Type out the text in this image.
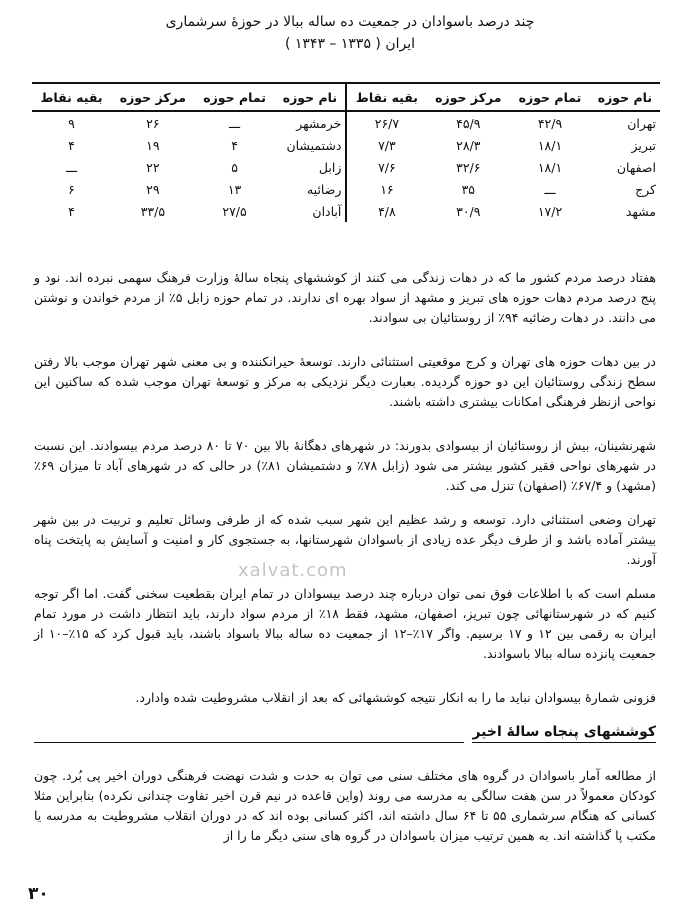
چند درصد باسوادان در جمعیت ده ساله ببالا در حوزه‌ٔ سرشماری
ایران ( ۱۳۳۵ – ۱۳۴۳ )
نام حوزه	تمام حوزه	مرکز حوزه	بقیه نقاط	نام حوزه	تمام حوزه	مرکز حوزه	بقیه نقاط
تهران	۴۲/۹	۴۵/۹	۲۶/۷	خرمشهر	ـــ	۲۶	۹
تبریز	۱۸/۱	۲۸/۳	۷/۳	دشتمیشان	۴	۱۹	۴
اصفهان	۱۸/۱	۳۲/۶	۷/۶	زابل	۵	۲۲	ـــ
کرج	ـــ	۳۵	۱۶	رضائیه	۱۳	۲۹	۶
مشهد	۱۷/۲	۳۰/۹	۴/۸	آبادان	۲۷/۵	۳۳/۵	۴
هفتاد درصد مردم کشور ما که در دهات زندگی می کنند از کوششهای پنجاه ساله‌ٔ وزارت فرهنگ سهمی نبرده اند. نود و پنج درصد مردم دهات حوزه های تبریز و مشهد از سواد بهره ای ندارند. در تمام حوزه زابل ۵٪ از مردم خواندن و نوشتن می دانند. در دهات رضائیه ۹۴٪ از روستائیان بی سوادند.
در بین دهات حوزه های تهران و کرج موقعیتی استثنائی دارند. توسعه‌ٔ حیرانکننده و بی معنی شهر تهران موجب بالا رفتن سطح زندگی روستائیان این دو حوزه گردیده. بعبارت دیگر نزدیکی به مرکز و توسعه‌ٔ تهران موجب شده که ساکنین این نواحی ازنظر فرهنگی امکانات بیشتری داشته باشند.
شهرنشینان، بیش از روستائیان از بیسوادی بدورند: در شهرهای دهگانه‌ٔ بالا بین ۷۰ تا ۸۰ درصد مردم بیسوادند. این نسبت در شهرهای نواحی فقیر کشور بیشتر می شود (زابل ۷۸٪ و دشتمیشان ۸۱٪) در حالی که در شهرهای آباد تا میزان ۶۹٪ (مشهد) و ۶۷/۴٪ (اصفهان) تنزل می کند.
تهران وضعی استثنائی دارد. توسعه و رشد عظیم این شهر سبب شده که از طرفی وسائل تعلیم و تربیت در بین شهر بیشتر آماده باشد و از طرف دیگر عده زیادی از باسوادان شهرستانها، به جستجوی کار و امنیت و آسایش به پایتخت پناه آورند.
مسلم است که با اطلاعات فوق نمی توان درباره چند درصد بیسوادان در تمام ایران بقطعیت سخنی گفت. اما اگر توجه کنیم که در شهرستانهائی چون تبریز، اصفهان، مشهد، فقط ۱۸٪ از مردم سواد دارند، باید انتظار داشت در مورد تمام ایران به رقمی بین ۱۲ و ۱۷ برسیم. واگر ۱۷٪–۱۲ از جمعیت ده ساله ببالا باسواد باشند، باید قبول کرد که ۱۵٪–۱۰ از جمعیت پانزده ساله ببالا باسوادند.
فزونی شمارهٔ بیسوادان نباید ما را به انکار نتیجه کوششهائی که بعد از انقلاب مشروطیت شده وادارد.
xalvat.com
کوششهای پنجاه ساله‌ٔ اخیر
از مطالعه آمار باسوادان در گروه های مختلف سنی می توان به حدت و شدت نهضت فرهنگی دوران اخیر پی بُرد. چون کودکان معمولاً در سن هفت سالگی به مدرسه می روند (واین قاعده در نیم قرن اخیر تفاوت چندانی نکرده) بنابراین مثلا کسانی که هنگام سرشماری ۵۵ تا ۶۴ سال داشته اند، اکثر کسانی بوده اند که در دوران انقلاب مشروطیت به مدرسه یا مکتب پا گذاشته اند. به همین ترتیب میزان باسوادان در گروه های سنی دیگر ما را از
۳۰
